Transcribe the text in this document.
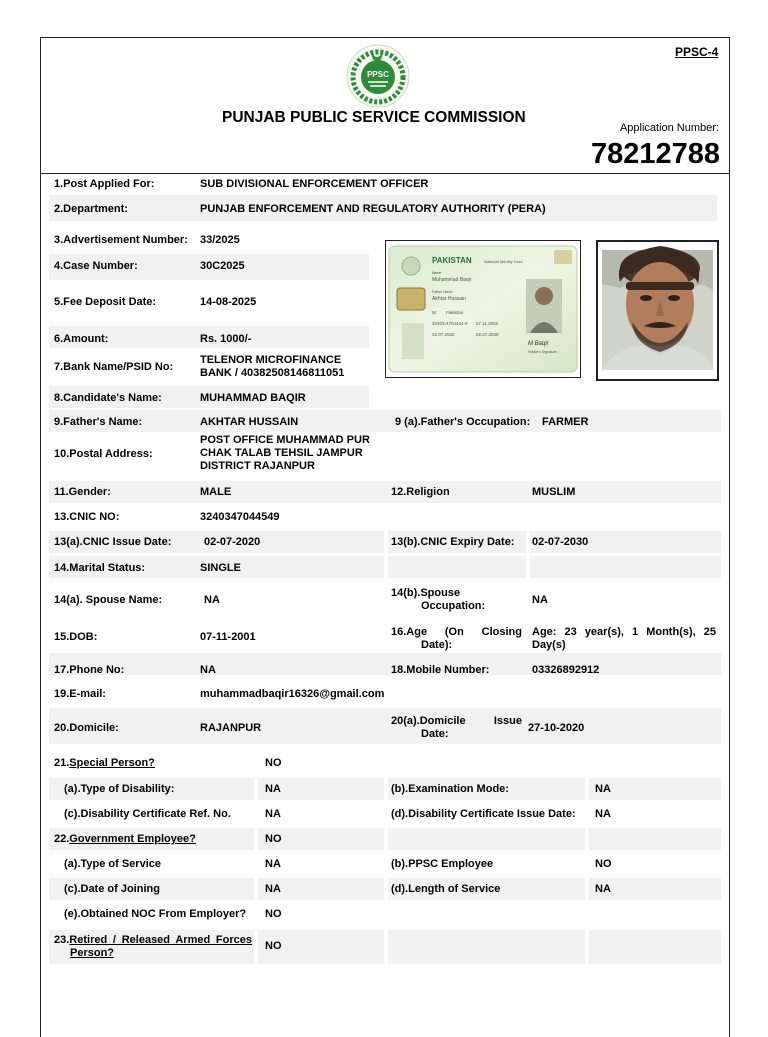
PPSC-4
PPSC
PUNJAB PUBLIC SERVICE COMMISSION
Application Number:
78212788
1.Post Applied For:	SUB DIVISIONAL ENFORCEMENT OFFICER
2.Department:	PUNJAB ENFORCEMENT AND REGULATORY AUTHORITY (PERA)
3.Advertisement Number: 33/2025
4.Case Number:	30C2025
5.Fee Deposit Date:	14-08-2025
6.Amount:	Rs. 1000/-
7.Bank Name/PSID No:
TELENOR MICROFINANCE BANK / 40382508146811051
8.Candidate's Name:	MUHAMMAD BAQIR
9.Father's Name:	AKHTAR HUSSAIN	9 (a).Father's Occupation: FARMER
10.Postal Address:
POST OFFICE MUHAMMAD PUR CHAK TALAB TEHSIL JAMPUR DISTRICT RAJANPUR
11.Gender:	MALE	12.Religion	MUSLIM
13.CNIC NO:	3240347044549
13(a).CNIC Issue Date:	02-07-2020	13(b).CNIC Expiry Date: 02-07-2030
14.Marital Status:	SINGLE
14(a). Spouse Name:	NA
14(b).Spouse
Occupation:	NA
15.DOB:	07-11-2001	16.Age (On Closing
Date):
Age: 23 year(s), 1 Month(s), 25
Day(s)
17.Phone No:	NA	18.Mobile Number:	03326892912
19.E-mail:	muhammadbaqir16326@gmail.com
20.Domicile:	RAJANPUR
20(a).Domicile Issue
Date:	27-10-2020
21.Special Person?	NO
(a).Type of Disability:	NA	(b).Examination Mode:	NA
(c).Disability Certificate Ref. No.	NA	(d).Disability Certificate Issue Date: NA
22.Government Employee?	NO
(a).Type of Service	NA	(b).PPSC Employee	NO
(c).Date of Joining	NA	(d).Length of Service	NA
(e).Obtained NOC From Employer? NO
23.Retired / Released Armed Forces
Person?
NO
PAKISTAN	National Identity Card
Name
Muhammad Baqir
Father Name
Akhtar Hussain
M Pakistan
32403-4704454-9 07.11.2001
02.07.2020	02.07.2030
M Baqir
Holder's Signature
